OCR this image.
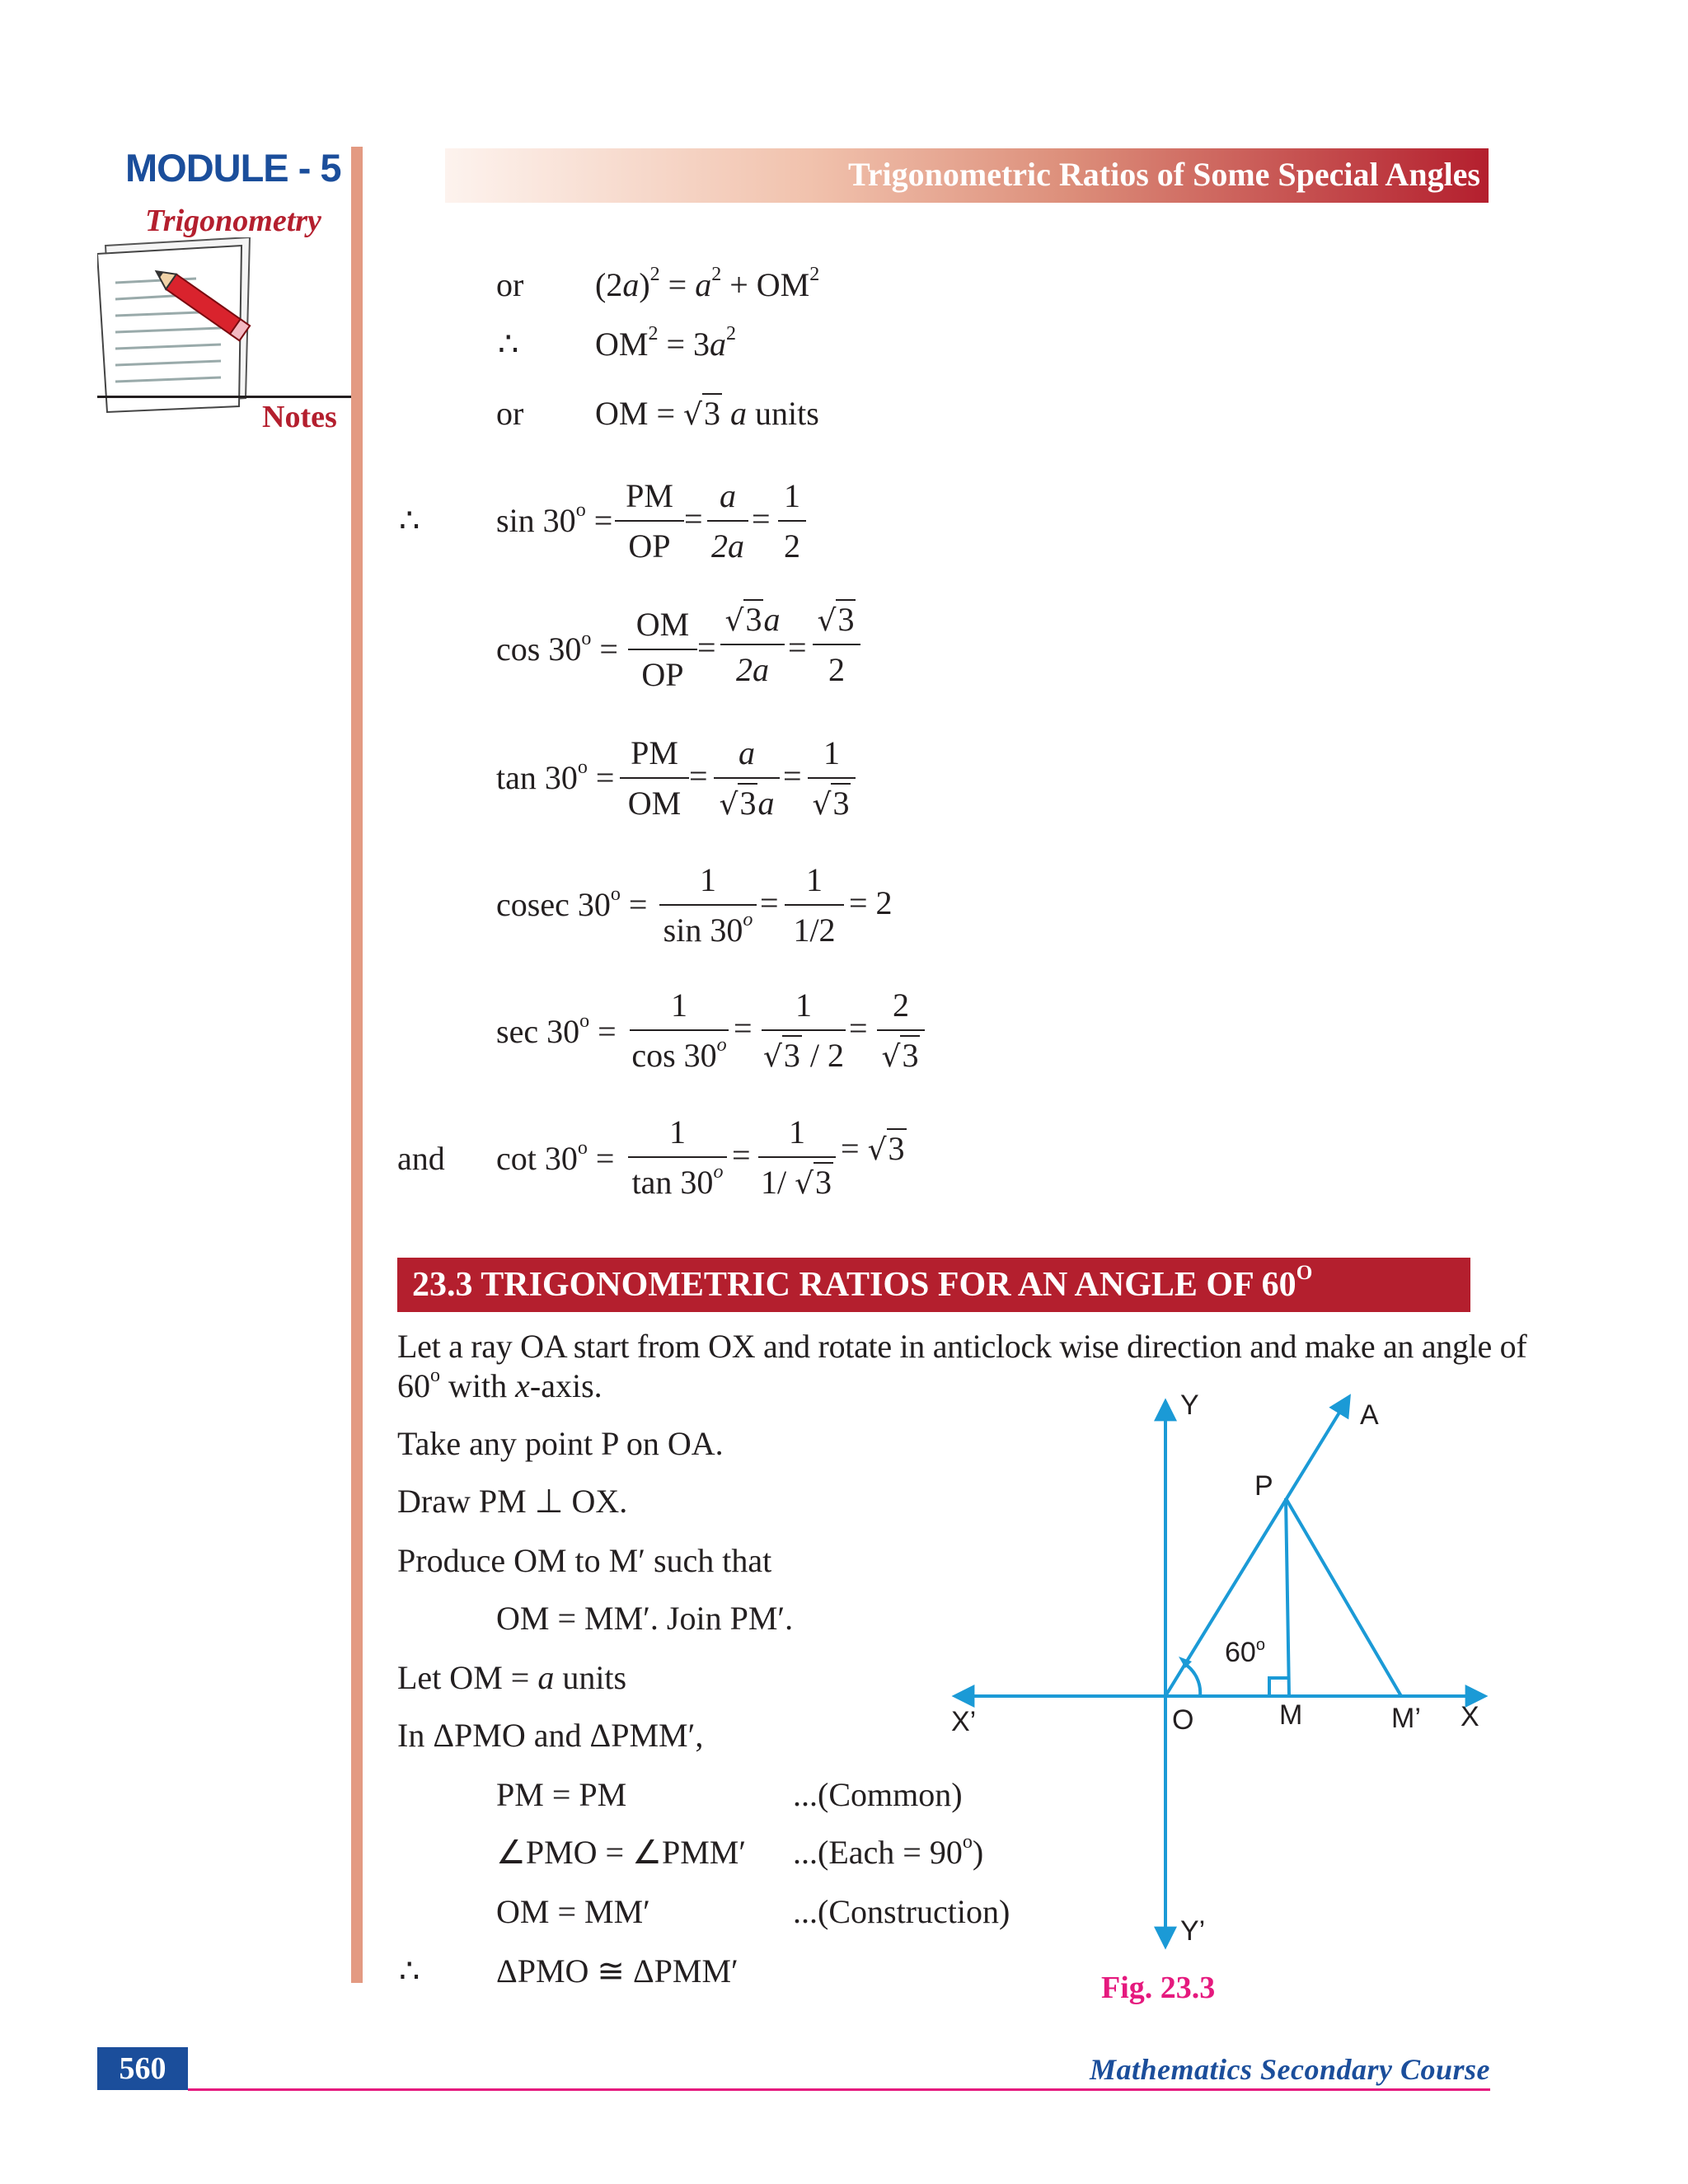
MODULE - 5
Trigonometry
Notes
Trigonometric Ratios of Some Special Angles
or $(2a)^2 = a^2 + OM^2$
∴ $OM^2 = 3a^2$
or OM = √3 a units
∴ $\sin 30^o$ =
PM
OP
=
a
2a
=
1
2
$\cos 30^o$ =
OM
OP
=
√3a
2a
=
√3
2
$\tan 30^o$ =
PM
OM
=
a
√3a
=
1
√3
cosec $30^o$ =
1
$\sin 30^o$ =
1
1/2
= 2
$\sec 30^o$ =
1
$\cos 30^o$ =
1
√3 / 2
=
2
√3
and $\cot 30^o$ =
1
$\tan 30^o$ =
1
1/ √3
= √3
23.3 TRIGONOMETRIC RATIOS FOR AN ANGLE OF $60^O$
Let a ray OA start from OX and rotate in anticlock wise direction and make an angle of
60$^o$ with x-axis.
Take any point P on OA.
Draw PM ⊥ OX.
Produce OM to M′ such that
OM = MM′. Join PM′.
Let OM = a units
In ΔPMO and ΔPMM′,
PM = PM	...(Common)
∠PMO = ∠PMM′ ...(Each = $90^o$)
OM = MM′	...(Construction)
∴ ΔPMO ≅ ΔPMM′
Y	A
P
60$^o$
X’	O	M	M’ X
Y’
Fig. 23.3
560	Mathematics Secondary Course
